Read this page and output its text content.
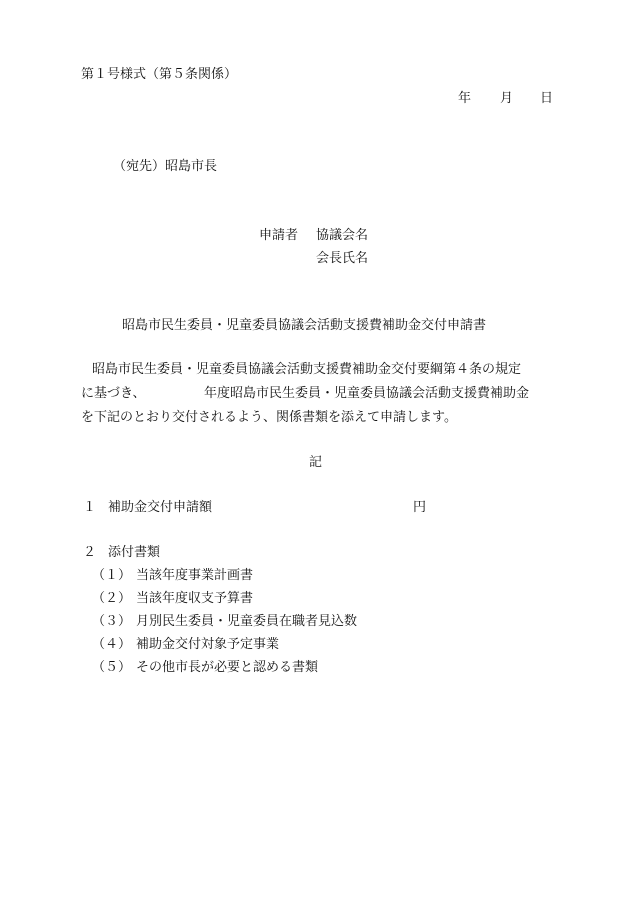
第１号様式（第５条関係）
年 月 日
（宛先）昭島市長
申請者 協議会名
会長氏名
昭島市民生委員・児童委員協議会活動支援費補助金交付申請書
昭島市民生委員・児童委員協議会活動支援費補助金交付要綱第４条の規定
に基づき、	年度昭島市民生委員・児童委員協議会活動支援費補助金
を下記のとおり交付されるよう、関係書類を添えて申請します。
記
１ 補助金交付申請額	円
２ 添付書類
（１） 当該年度事業計画書
（２） 当該年度収支予算書
（３） 月別民生委員・児童委員在職者見込数
（４） 補助金交付対象予定事業
（５） その他市長が必要と認める書類
